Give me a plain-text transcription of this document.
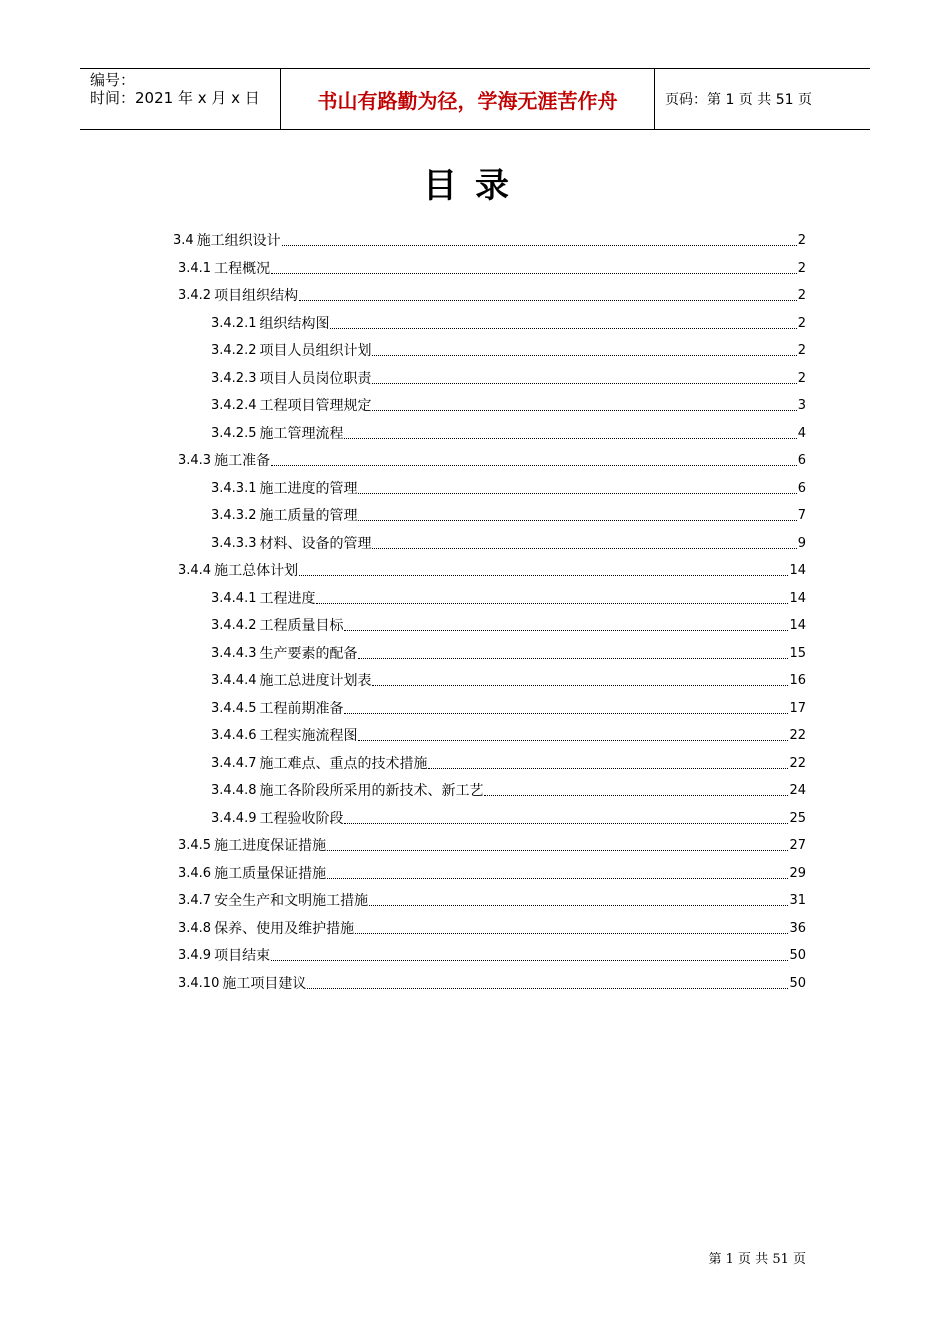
编号：
时间：2021 年 x 月 x 日	书山有路勤为径，学海无涯苦作舟	页码：第 1 页 共 51 页
目录
3.4 施工组织设计	2
3.4.1 工程概况	2
3.4.2 项目组织结构	2
3.4.2.1 组织结构图	2
3.4.2.2 项目人员组织计划	2
3.4.2.3 项目人员岗位职责	2
3.4.2.4 工程项目管理规定	3
3.4.2.5 施工管理流程	4
3.4.3 施工准备	6
3.4.3.1 施工进度的管理	6
3.4.3.2 施工质量的管理	7
3.4.3.3 材料、设备的管理	9
3.4.4 施工总体计划	14
3.4.4.1 工程进度	14
3.4.4.2 工程质量目标	14
3.4.4.3 生产要素的配备	15
3.4.4.4 施工总进度计划表	16
3.4.4.5 工程前期准备	17
3.4.4.6 工程实施流程图	22
3.4.4.7 施工难点、重点的技术措施	22
3.4.4.8 施工各阶段所采用的新技术、新工艺	24
3.4.4.9 工程验收阶段	25
3.4.5 施工进度保证措施	27
3.4.6 施工质量保证措施	29
3.4.7 安全生产和文明施工措施	31
3.4.8 保养、使用及维护措施	36
3.4.9 项目结束	50
3.4.10 施工项目建议	50
第 1 页 共 51 页
